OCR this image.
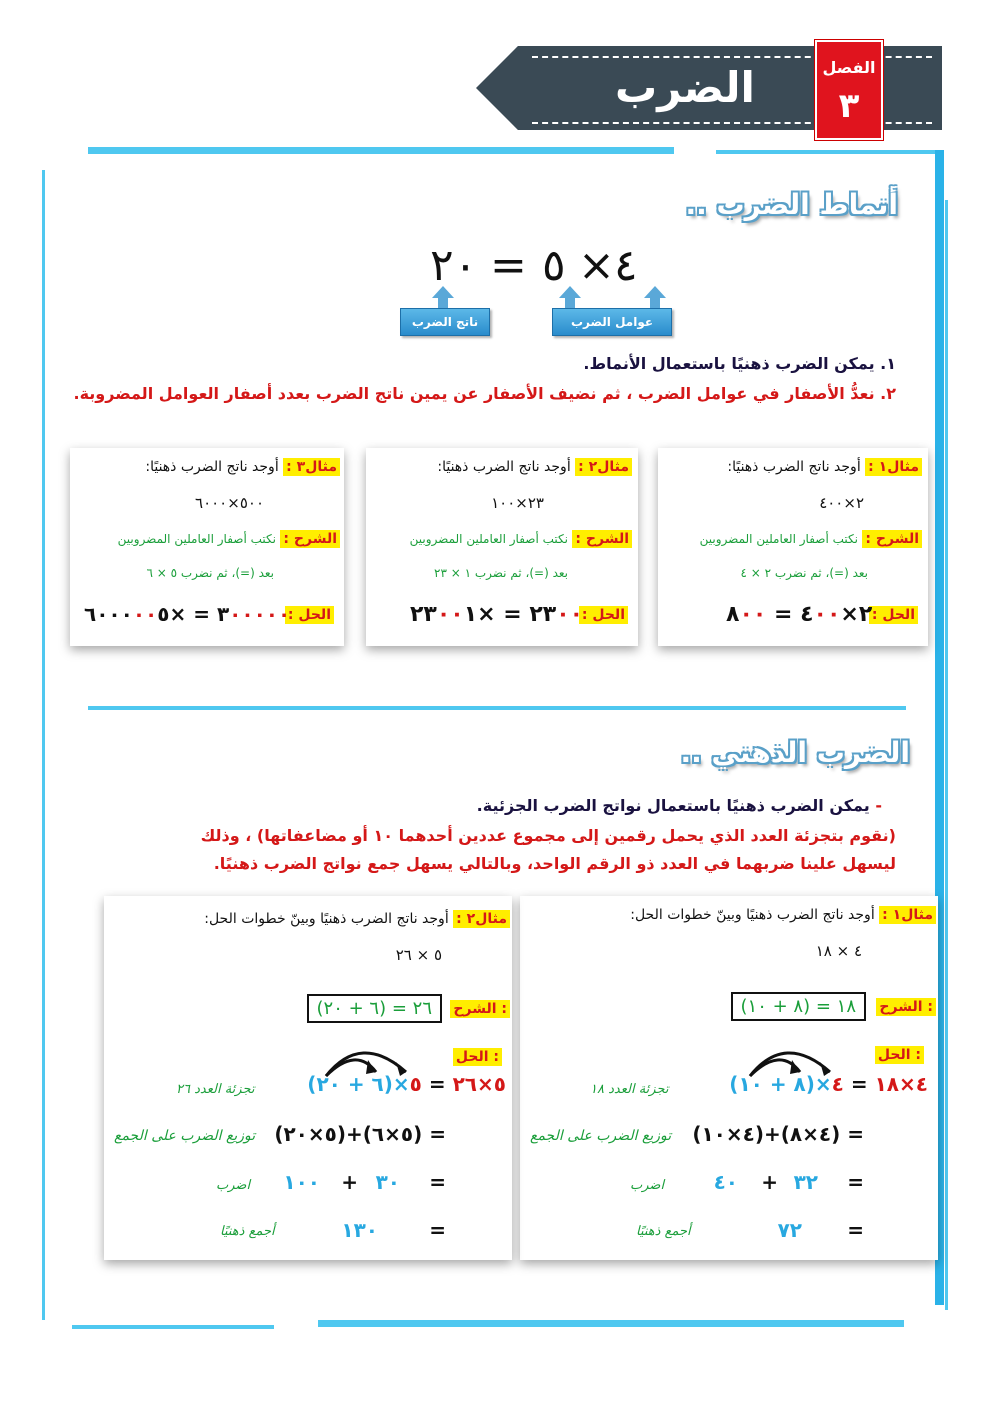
الضرب	الفصل
٣
أنماط الضرب ..
٤
×
٥
=
٢٠
عوامل الضرب
ناتج الضرب
١. يمكن الضرب ذهنيًا باستعمال الأنماط.
٢. نعدُّ الأصفار في عوامل الضرب ، ثم نضيف الأصفار عن يمين ناتج الضرب بعدد أصفار العوامل المضروبة.
مثال١ : أوجد ناتج الضرب ذهنيًا:
٢×٤٠٠
الشرح : نكتب أصفار العاملين المضروبين
بعد (=)، ثم نضرب ٢ × ٤
الحل :
٢×٤٠٠ = ٨٠٠
مثال٢ : أوجد ناتج الضرب ذهنيًا:
٢٣×١٠٠
الشرح : نكتب أصفار العاملين المضروبين
بعد (=)، ثم نضرب ١ × ٢٣
الحل :
٢٣٠٠ = ×٢٣٠٠١
مثال٣ : أوجد ناتج الضرب ذهنيًا:
٥٠٠×٦٠٠٠
الشرح : نكتب أصفار العاملين المضروبين
بعد (=)، ثم نضرب ٥ × ٦
الحل :
٣٠٠٠٠٠ = ×٦٠٠٠٠٠٥
الضرب الذهني ..
- يمكن الضرب ذهنيًا باستعمال نواتج الضرب الجزئية.
(نقوم بتجزئة العدد الذي يحمل رقمين إلى مجموع عددين أحدهما ١٠ أو مضاعفاتها) ، وذلك
ليسهل علينا ضربهما في العدد ذو الرقم الواحد، وبالتالي يسهل جمع نواتج الضرب ذهنيًا.
مثال١ : أوجد ناتج الضرب ذهنيًا وبينّ خطوات الحل:
٤ × ١٨
الشرح :
١٨ = (٨ + ١٠)
الحل :
٤×١٨ = ٤×(٨ + ١٠)
تجزئة العدد ١٨
= (٤×٨)+(٤×١٠)
توزيع الضرب على الجمع
=
٣٢
+
٤٠
اضرب
=
٧٢
أجمع ذهنيًا
مثال٢ : أوجد ناتج الضرب ذهنيًا وبينّ خطوات الحل:
٥ × ٢٦
الشرح :
٢٦ = (٦ + ٢٠)
الحل :
٥×٢٦ = ٥×(٦ + ٢٠)
تجزئة العدد ٢٦
= (٥×٦)+(٥×٢٠)
توزيع الضرب على الجمع
=
٣٠
+
١٠٠
اضرب
=
١٣٠
أجمع ذهنيًا
